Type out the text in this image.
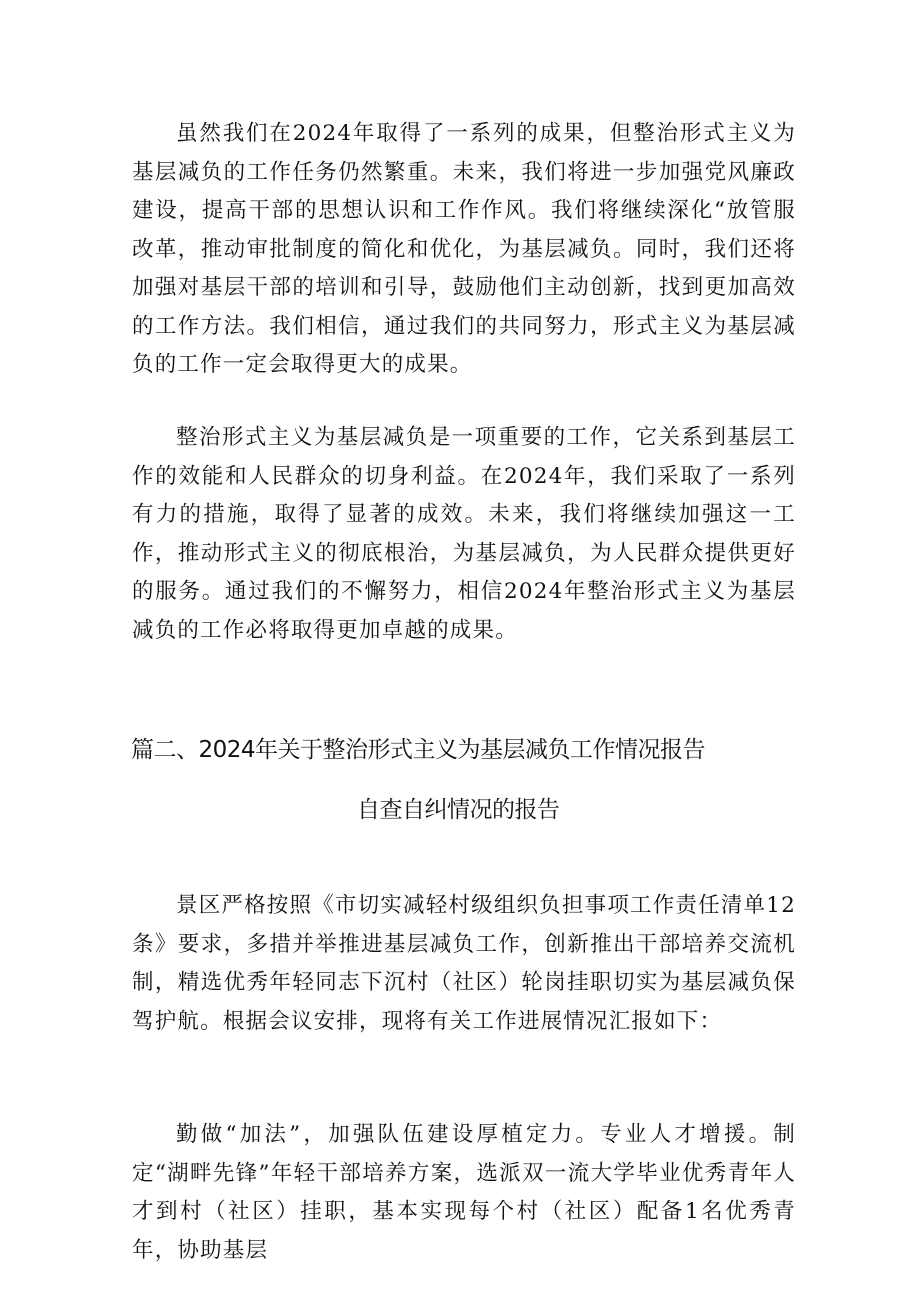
虽然我们在2024年取得了一系列的成果，但整治形式主义为基层减负的工作任务仍然繁重。未来，我们将进一步加强党风廉政建设，提高干部的思想认识和工作作风。我们将继续深化“放管服改革，推动审批制度的简化和优化，为基层减负。同时，我们还将加强对基层干部的培训和引导，鼓励他们主动创新，找到更加高效的工作方法。我们相信，通过我们的共同努力，形式主义为基层减负的工作一定会取得更大的成果。

整治形式主义为基层减负是一项重要的工作，它关系到基层工作的效能和人民群众的切身利益。在2024年，我们采取了一系列有力的措施，取得了显著的成效。未来，我们将继续加强这一工作，推动形式主义的彻底根治，为基层减负，为人民群众提供更好的服务。通过我们的不懈努力，相信2024年整治形式主义为基层减负的工作必将取得更加卓越的成果。

篇二、2024年关于整治形式主义为基层减负工作情况报告
自查自纠情况的报告

景区严格按照《市切实减轻村级组织负担事项工作责任清单12条》要求，多措并举推进基层减负工作，创新推出干部培养交流机制，精选优秀年轻同志下沉村（社区）轮岗挂职切实为基层减负保驾护航。根据会议安排，现将有关工作进展情况汇报如下：

勤做“加法”，加强队伍建设厚植定力。专业人才增援。制定“湖畔先锋”年轻干部培养方案，选派双一流大学毕业优秀青年人才到村（社区）挂职，基本实现每个村（社区）配备1名优秀青年，协助基层
